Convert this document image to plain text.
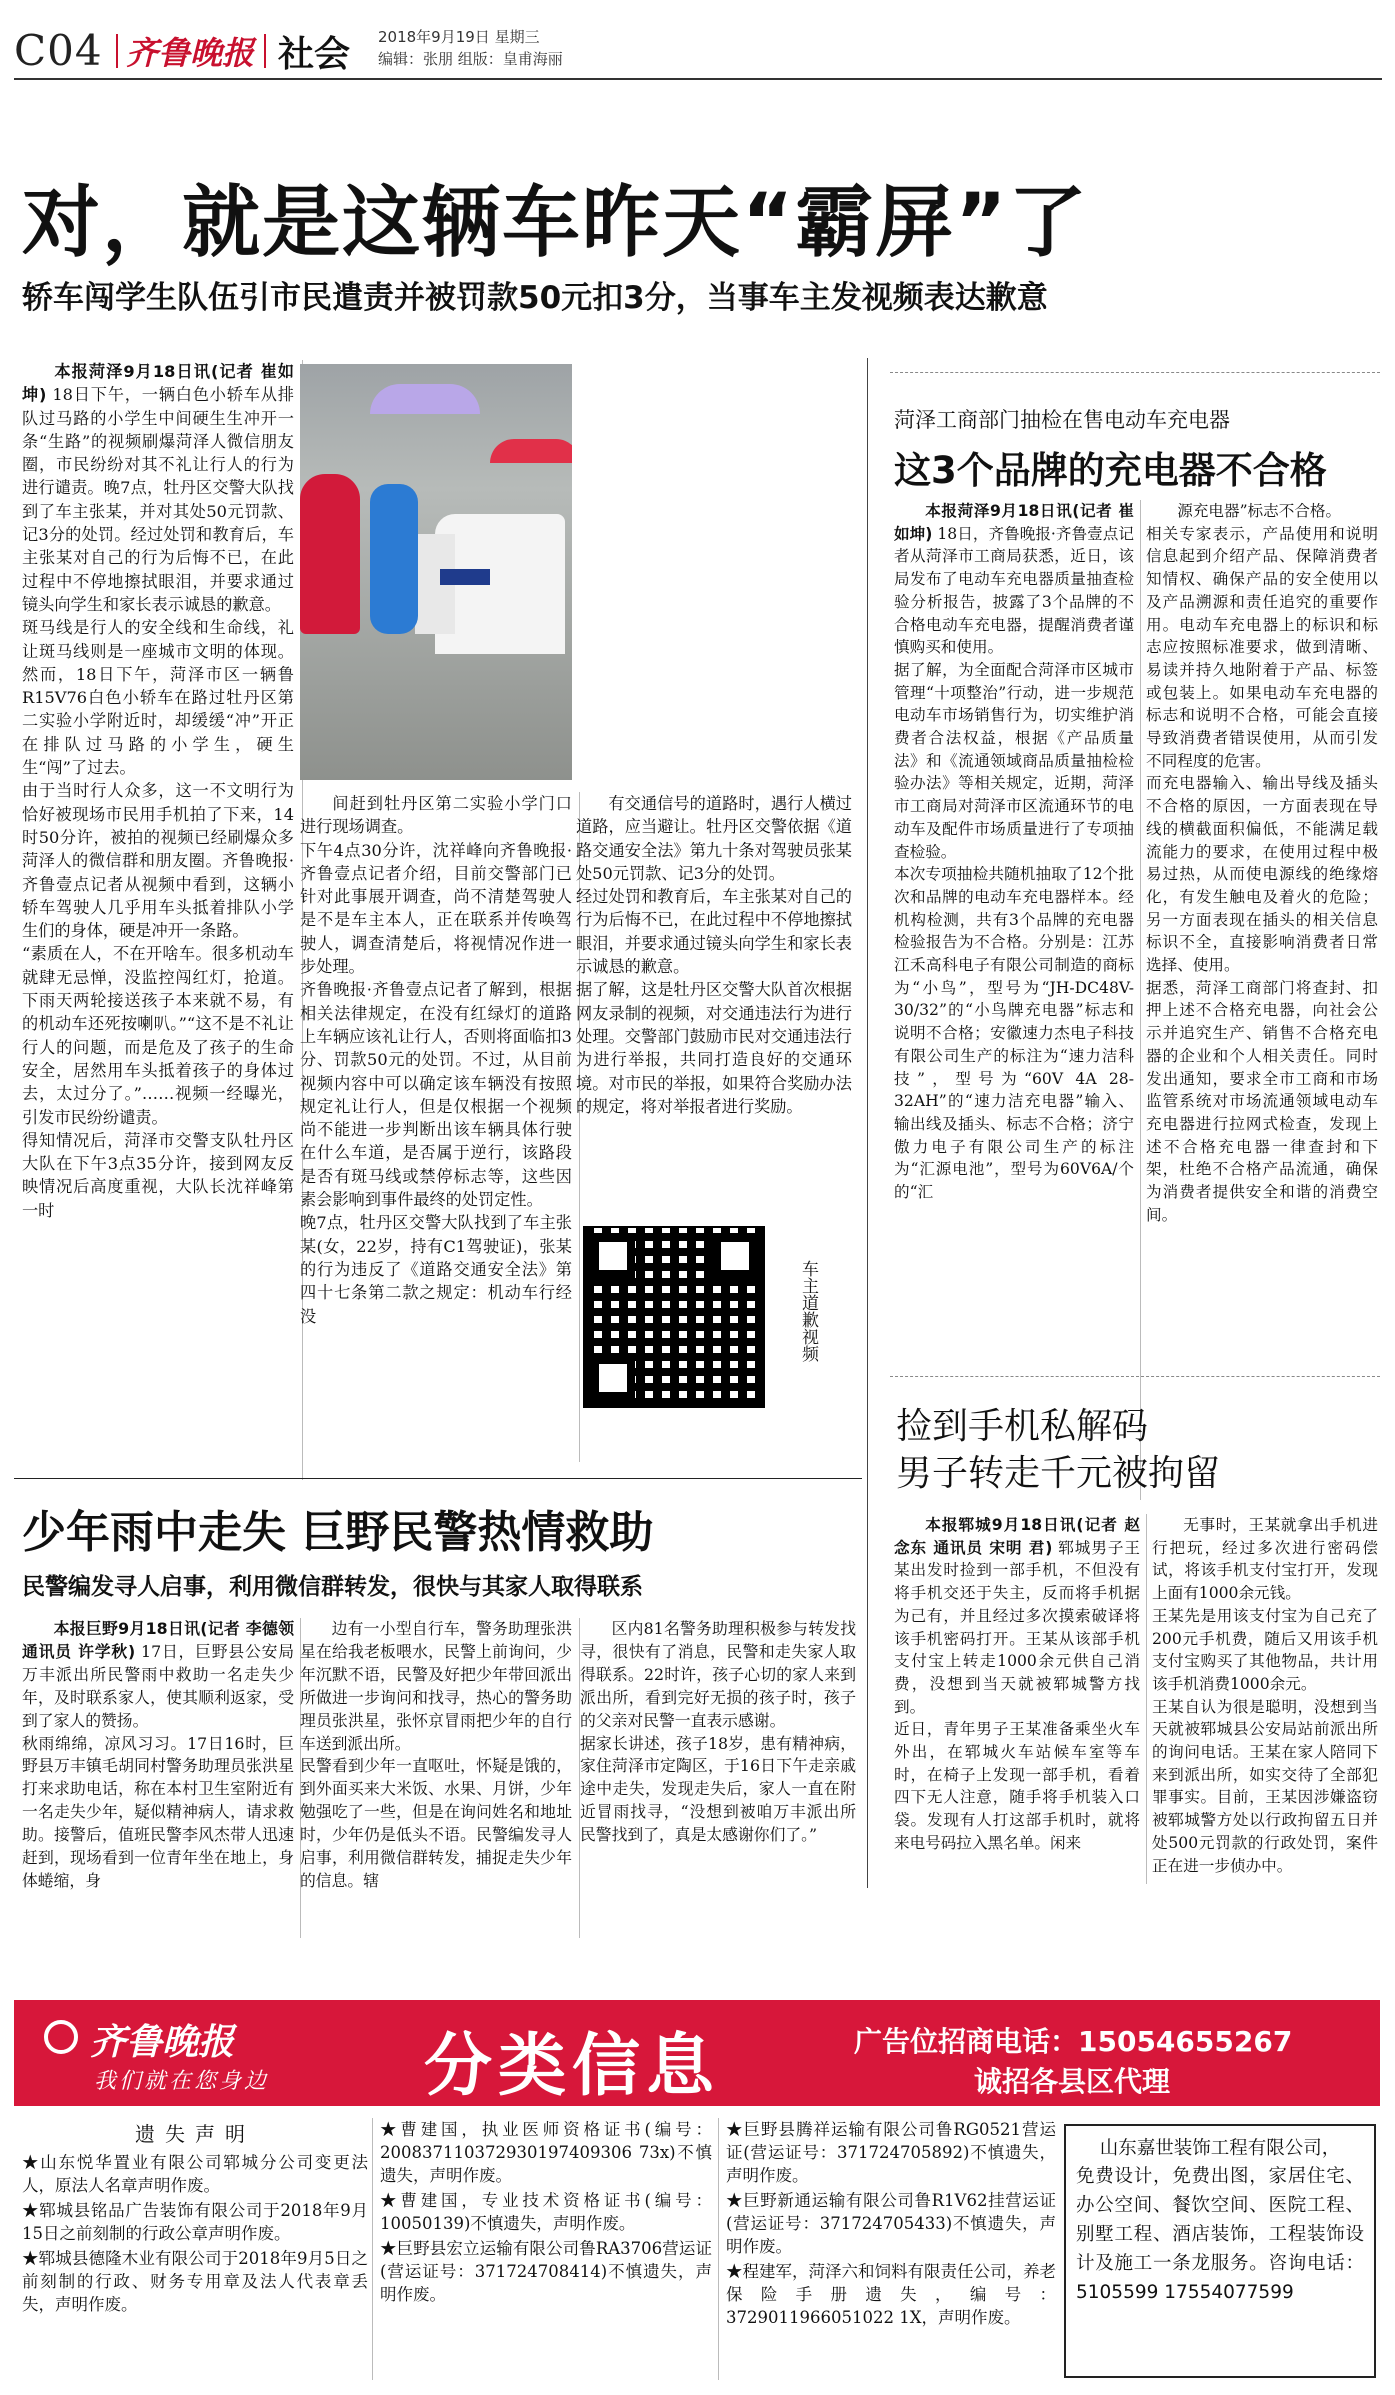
C04 齐鲁晚报 社会 2018年9月19日 星期三
编辑：张朋 组版：皇甫海丽
对，就是这辆车昨天“霸屏”了
轿车闯学生队伍引市民遣责并被罚款50元扣3分，当事车主发视频表达歉意

本报菏泽9月18日讯(记者 崔如坤) 18日下午，一辆白色小轿车从排队过马路的小学生中间硬生生冲开一条“生路”的视频刷爆菏泽人微信朋友圈，市民纷纷对其不礼让行人的行为进行谴责。晚7点，牡丹区交警大队找到了车主张某，并对其处50元罚款、记3分的处罚。经过处罚和教育后，车主张某对自己的行为后悔不已，在此过程中不停地擦拭眼泪，并要求通过镜头向学生和家长表示诚恳的歉意。
斑马线是行人的安全线和生命线，礼让斑马线则是一座城市文明的体现。然而，18日下午，菏泽市区一辆鲁R15V76白色小轿车在路过牡丹区第二实验小学附近时，却缓缓“冲”开正在排队过马路的小学生，硬生生“闯”了过去。
由于当时行人众多，这一不文明行为恰好被现场市民用手机拍了下来，14时50分许，被拍的视频已经刷爆众多菏泽人的微信群和朋友圈。齐鲁晚报·齐鲁壹点记者从视频中看到，这辆小轿车驾驶人几乎用车头抵着排队小学生们的身体，硬是冲开一条路。
“素质在人，不在开啥车。很多机动车就肆无忌惮，没监控闯红灯，抢道。下雨天两轮接送孩子本来就不易，有的机动车还死按喇叭。”“这不是不礼让行人的问题，而是危及了孩子的生命安全，居然用车头抵着孩子的身体过去，太过分了。”……视频一经曝光，引发市民纷纷谴责。
得知情况后，菏泽市交警支队牡丹区大队在下午3点35分许，接到网友反映情况后高度重视，大队长沈祥峰第一时

间赶到牡丹区第二实验小学门口进行现场调查。
下午4点30分许，沈祥峰向齐鲁晚报·齐鲁壹点记者介绍，目前交警部门已针对此事展开调查，尚不清楚驾驶人是不是车主本人，正在联系并传唤驾驶人，调查清楚后，将视情况作进一步处理。
齐鲁晚报·齐鲁壹点记者了解到，根据相关法律规定，在没有红绿灯的道路上车辆应该礼让行人，否则将面临扣3分、罚款50元的处罚。不过，从目前视频内容中可以确定该车辆没有按照规定礼让行人，但是仅根据一个视频尚不能进一步判断出该车辆具体行驶在什么车道，是否属于逆行，该路段是否有斑马线或禁停标志等，这些因素会影响到事件最终的处罚定性。
晚7点，牡丹区交警大队找到了车主张某(女，22岁，持有C1驾驶证)，张某的行为违反了《道路交通安全法》第四十七条第二款之规定：机动车行经没

有交通信号的道路时，遇行人横过道路，应当避让。牡丹区交警依据《道路交通安全法》第九十条对驾驶员张某处50元罚款、记3分的处罚。
经过处罚和教育后，车主张某对自己的行为后悔不已，在此过程中不停地擦拭眼泪，并要求通过镜头向学生和家长表示诚恳的歉意。
据了解，这是牡丹区交警大队首次根据网友录制的视频，对交通违法行为进行处理。交警部门鼓励市民对交通违法行为进行举报，共同打造良好的交通环境。对市民的举报，如果符合奖励办法的规定，将对举报者进行奖励。

车主道歉视频
菏泽工商部门抽检在售电动车充电器
这3个品牌的充电器不合格

本报菏泽9月18日讯(记者 崔如坤) 18日，齐鲁晚报·齐鲁壹点记者从菏泽市工商局获悉，近日，该局发布了电动车充电器质量抽查检验分析报告，披露了3个品牌的不合格电动车充电器，提醒消费者谨慎购买和使用。
据了解，为全面配合菏泽市区城市管理“十项整治”行动，进一步规范电动车市场销售行为，切实维护消费者合法权益，根据《产品质量法》和《流通领域商品质量抽检检验办法》等相关规定，近期，菏泽市工商局对菏泽市区流通环节的电动车及配件市场质量进行了专项抽查检验。
本次专项抽检共随机抽取了12个批次和品牌的电动车充电器样本。经机构检测，共有3个品牌的充电器检验报告为不合格。分别是：江苏江禾高科电子有限公司制造的商标为“小鸟”，型号为“JH-DC48V-30/32”的“小鸟牌充电器”标志和说明不合格；安徽速力杰电子科技有限公司生产的标注为“速力洁科技”，型号为“60V 4A 28-32AH”的“速力洁充电器”输入、输出线及插头、标志不合格；济宁傲力电子有限公司生产的标注为“汇源电池”，型号为60V6A/个的“汇

源充电器”标志不合格。
相关专家表示，产品使用和说明信息起到介绍产品、保障消费者知情权、确保产品的安全使用以及产品溯源和责任追究的重要作用。电动车充电器上的标识和标志应按照标准要求，做到清晰、易读并持久地附着于产品、标签或包装上。如果电动车充电器的标志和说明不合格，可能会直接导致消费者错误使用，从而引发不同程度的危害。
而充电器输入、输出导线及插头不合格的原因，一方面表现在导线的横截面积偏低，不能满足载流能力的要求，在使用过程中极易过热，从而使电源线的绝缘熔化，有发生触电及着火的危险；另一方面表现在插头的相关信息标识不全，直接影响消费者日常选择、使用。
据悉，菏泽工商部门将查封、扣押上述不合格充电器，向社会公示并追究生产、销售不合格充电器的企业和个人相关责任。同时发出通知，要求全市工商和市场监管系统对市场流通领域电动车充电器进行拉网式检查，发现上述不合格充电器一律查封和下架，杜绝不合格产品流通，确保为消费者提供安全和谐的消费空间。

捡到手机私解码
男子转走千元被拘留

本报郓城9月18日讯(记者 赵念东 通讯员 宋明 君) 郓城男子王某出发时捡到一部手机，不但没有将手机交还于失主，反而将手机据为己有，并且经过多次摸索破译将该手机密码打开。王某从该部手机支付宝上转走1000余元供自己消费，没想到当天就被郓城警方找到。
近日，青年男子王某准备乘坐火车外出，在郓城火车站候车室等车时，在椅子上发现一部手机，看着四下无人注意，随手将手机装入口袋。发现有人打这部手机时，就将来电号码拉入黑名单。闲来

无事时，王某就拿出手机进行把玩，经过多次进行密码偿试，将该手机支付宝打开，发现上面有1000余元钱。
王某先是用该支付宝为自己充了200元手机费，随后又用该手机支付宝购买了其他物品，共计用该手机消费1000余元。
王某自认为很是聪明，没想到当天就被郓城县公安局站前派出所的询问电话。王某在家人陪同下来到派出所，如实交待了全部犯罪事实。目前，王某因涉嫌盗窃被郓城警方处以行政拘留五日并处500元罚款的行政处罚，案件正在进一步侦办中。

少年雨中走失 巨野民警热情救助
民警编发寻人启事，利用微信群转发，很快与其家人取得联系

本报巨野9月18日讯(记者 李德领 通讯员 许学秋) 17日，巨野县公安局万丰派出所民警雨中救助一名走失少年，及时联系家人，使其顺利返家，受到了家人的赞扬。
秋雨绵绵，凉风习习。17日16时，巨野县万丰镇毛胡同村警务助理员张洪星打来求助电话，称在本村卫生室附近有一名走失少年，疑似精神病人，请求救助。接警后，值班民警李风杰带人迅速赶到，现场看到一位青年坐在地上，身体蜷缩，身

边有一小型自行车，警务助理张洪星在给我老板喂水，民警上前询问，少年沉默不语，民警及好把少年带回派出所做进一步询问和找寻，热心的警务助理员张洪星，张怀京冒雨把少年的自行车送到派出所。
民警看到少年一直呕吐，怀疑是饿的，到外面买来大米饭、水果、月饼，少年勉强吃了一些，但是在询问姓名和地址时，少年仍是低头不语。民警编发寻人启事，利用微信群转发，捕捉走失少年的信息。辖

区内81名警务助理积极参与转发找寻，很快有了消息，民警和走失家人取得联系。22时许，孩子心切的家人来到派出所，看到完好无损的孩子时，孩子的父亲对民警一直表示感谢。
据家长讲述，孩子18岁，患有精神病，家住菏泽市定陶区，于16日下午走亲戚途中走失，发现走失后，家人一直在附近冒雨找寻，“没想到被咱万丰派出所民警找到了，真是太感谢你们了。”

齐鲁晚报
我们就在您身边 分类信息	广告位招商电话：15054655267
诚招各县区代理
遗失声明

★山东悦华置业有限公司郓城分公司变更法人，原法人名章声明作废。

★郓城县铭品广告装饰有限公司于2018年9月15日之前刻制的行政公章声明作废。

★郓城县德隆木业有限公司于2018年9月5日之前刻制的行政、财务专用章及法人代表章丢失，声明作废。

★曹建国，执业医师资格证书(编号：200837110372930197409306 73x)不慎遗失，声明作废。

★曹建国，专业技术资格证书(编号：10050139)不慎遗失，声明作废。

★巨野县宏立运输有限公司鲁RA3706营运证(营运证号：371724708414)不慎遗失，声明作废。

★巨野县腾祥运输有限公司鲁RG0521营运证(营运证号：371724705892)不慎遗失，声明作废。

★巨野新通运输有限公司鲁R1V62挂营运证(营运证号：371724705433)不慎遗失，声明作废。

★程建军，菏泽六和饲料有限责任公司，养老保险手册遗失，编号：3729011966051022 1X，声明作废。

山东嘉世装饰工程有限公司，
免费设计，免费出图，家居住宅、办公空间、餐饮空间、医院工程、别墅工程、酒店装饰，工程装饰设计及施工一条龙服务。咨询电话：5105599 17554077599
